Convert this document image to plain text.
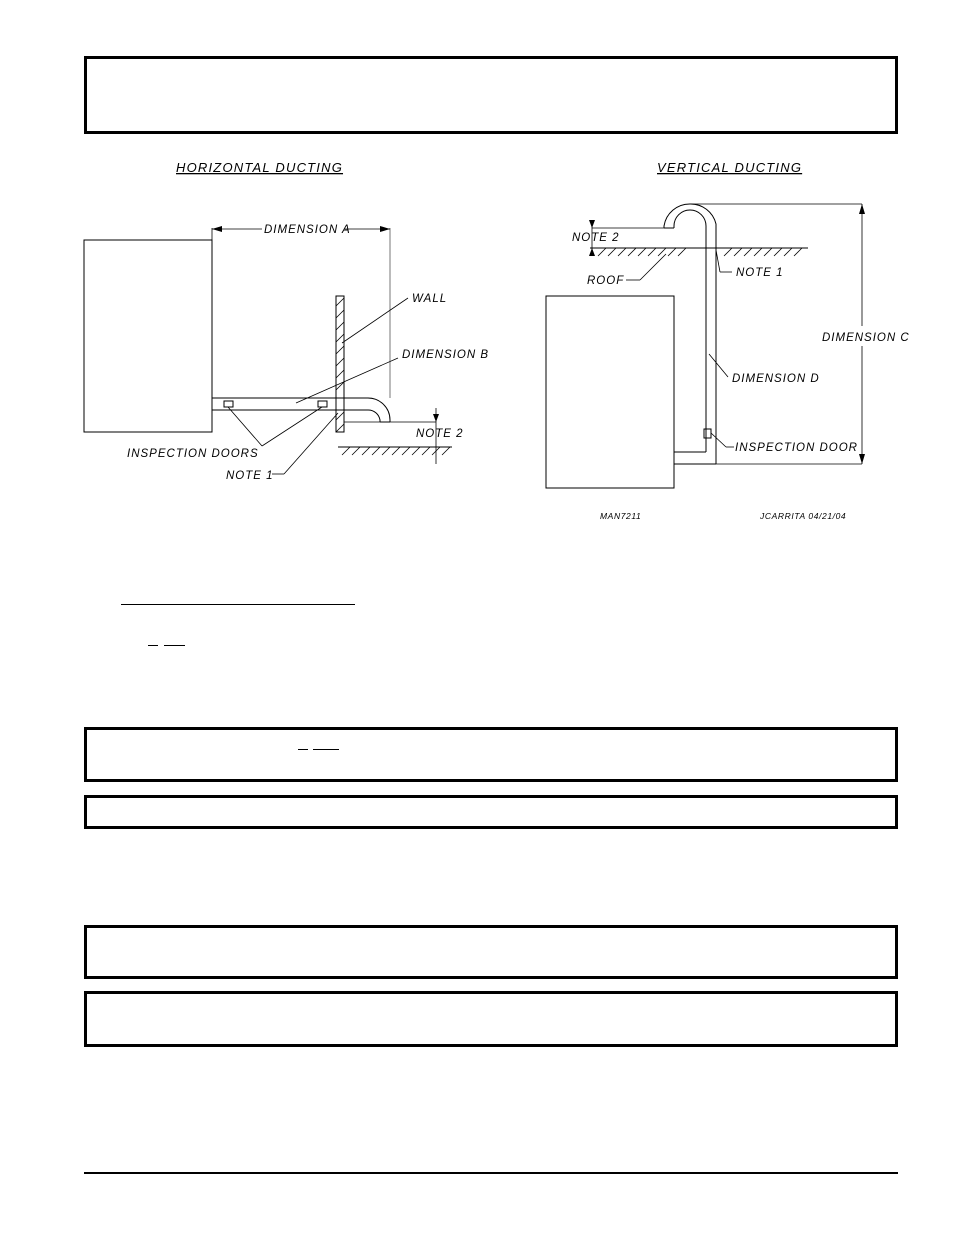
HORIZONTAL DUCTING
DIMENSION A
WALL
DIMENSION B
NOTE 2
INSPECTION DOORS
NOTE 1
VERTICAL DUCTING
ROOF
NOTE 2
NOTE 1
DIMENSION C
DIMENSION D
INSPECTION DOOR
MAN7211	JCARRITA 04/21/04
